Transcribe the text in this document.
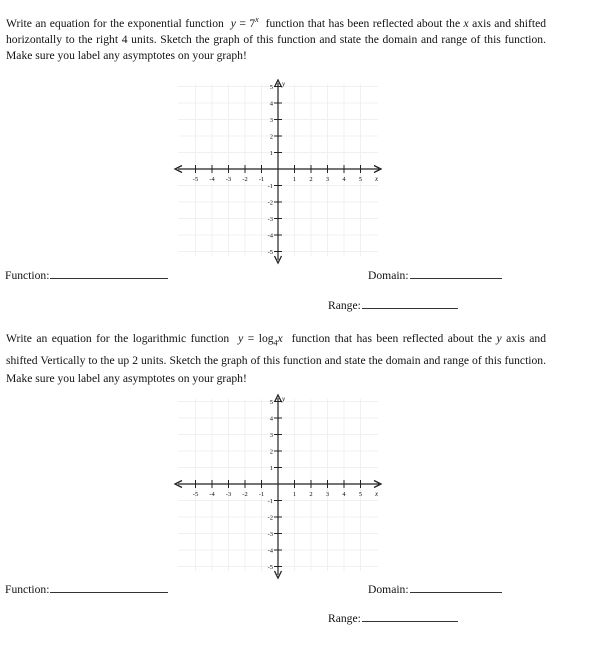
Write an equation for the exponential function $y = 7^x$ function that has been reflected about the x axis and shifted horizontally to the right 4 units. Sketch the graph of this function and state the domain and range of this function. Make sure you label any asymptotes on your graph!
y
x
-5 -4 -3 -2 -1	1 2 3 4 5
5
4
3
2
1
-1
-2
-3
-4
-5
Function:	Domain:
Range:
Write an equation for the logarithmic function $y = \log_4x$ function that has been reflected about the y axis and shifted Vertically to the up 2 units. Sketch the graph of this function and state the domain and range of this function. Make sure you label any asymptotes on your graph!
y
x
-5 -4 -3 -2 -1	1 2 3 4 5
5
4
3
2
1
-1
-2
-3
-4
-5
Function:	Domain:
Range:
